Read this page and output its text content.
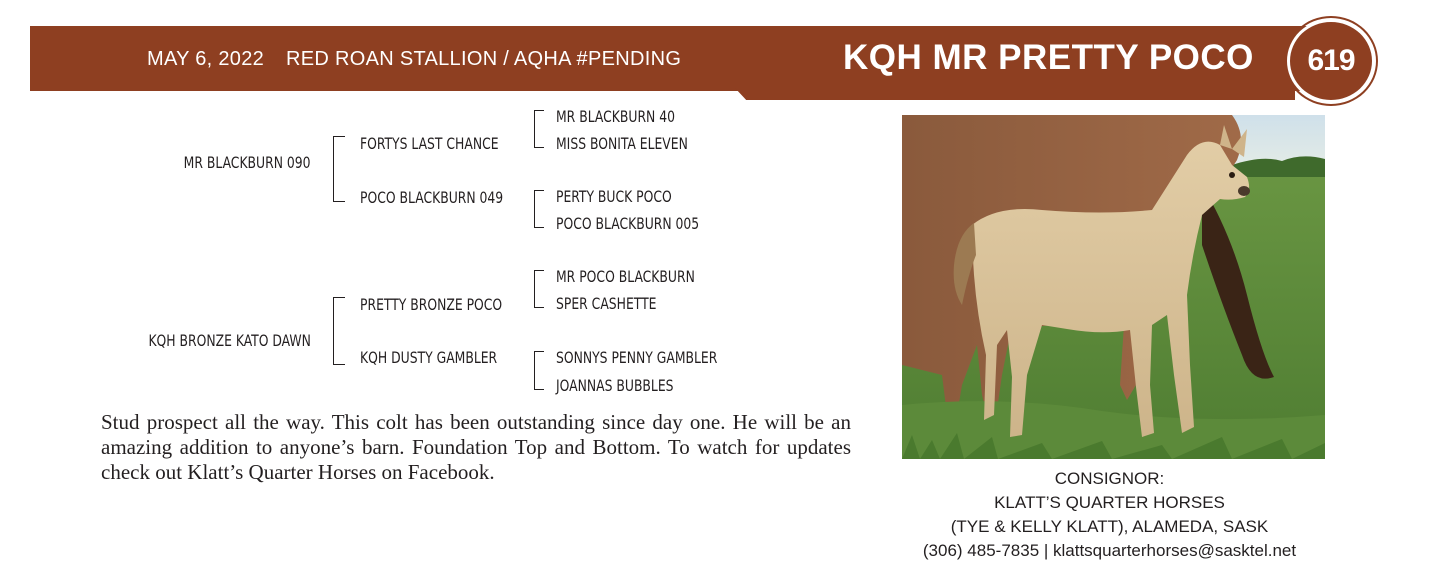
MAY 6, 2022 RED ROAN STALLION / AQHA #PENDING	KQH MR PRETTY POCO	619
MR BLACKBURN 090
KQH BRONZE KATO DAWN
FORTYS LAST CHANCE
POCO BLACKBURN 049
PRETTY BRONZE POCO
KQH DUSTY GAMBLER
MR BLACKBURN 40
MISS BONITA ELEVEN
PERTY BUCK POCO
POCO BLACKBURN 005
MR POCO BLACKBURN
SPER CASHETTE
SONNYS PENNY GAMBLER
JOANNAS BUBBLES

Stud prospect all the way. This colt has been outstanding since day one. He will be an amazing addition to anyone’s barn. Foundation Top and Bottom. To watch for updates check out Klatt’s Quarter Horses on Facebook.	CONSIGNOR:
KLATT’S QUARTER HORSES
(TYE & KELLY KLATT), ALAMEDA, SASK
(306) 485-7835 | klattsquarterhorses@sasktel.net
